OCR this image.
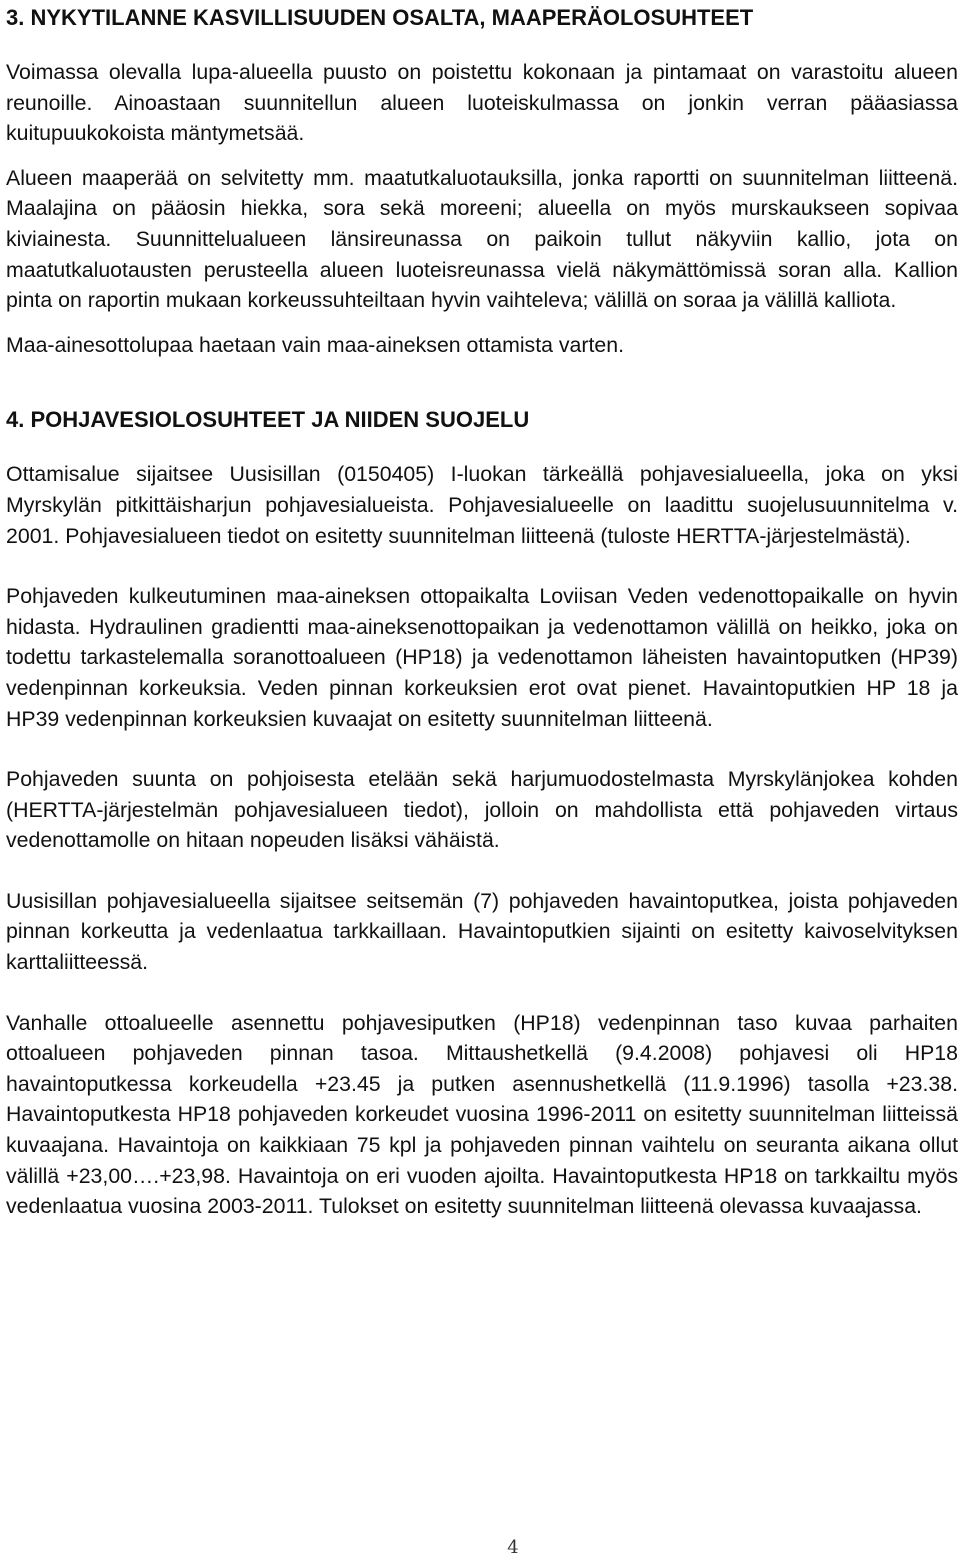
3. NYKYTILANNE KASVILLISUUDEN OSALTA, MAAPERÄOLOSUHTEET

Voimassa olevalla lupa-alueella puusto on poistettu kokonaan ja pintamaat on varastoitu alueen reunoille. Ainoastaan suunnitellun alueen luoteiskulmassa on jonkin verran pääasiassa kuitupuukokoista mäntymetsää.

Alueen maaperää on selvitetty mm. maatutkaluotauksilla, jonka raportti on suunnitelman liitteenä. Maalajina on pääosin hiekka, sora sekä moreeni; alueella on myös murskaukseen sopivaa kiviainesta. Suunnittelualueen länsireunassa on paikoin tullut näkyviin kallio, jota on maatutkaluotausten perusteella alueen luoteisreunassa vielä näkymättömissä soran alla. Kallion pinta on raportin mukaan korkeussuhteiltaan hyvin vaihteleva; välillä on soraa ja välillä kalliota.

Maa-ainesottolupaa haetaan vain maa-aineksen ottamista varten.

4. POHJAVESIOLOSUHTEET JA NIIDEN SUOJELU

Ottamisalue sijaitsee Uusisillan (0150405) I-luokan tärkeällä pohjavesialueella, joka on yksi Myrskylän pitkittäisharjun pohjavesialueista. Pohjavesialueelle on laadittu suojelusuunnitelma v. 2001. Pohjavesialueen tiedot on esitetty suunnitelman liitteenä (tuloste HERTTA-järjestelmästä).

Pohjaveden kulkeutuminen maa-aineksen ottopaikalta Loviisan Veden vedenottopaikalle on hyvin hidasta. Hydraulinen gradientti maa-aineksenottopaikan ja vedenottamon välillä on heikko, joka on todettu tarkastelemalla soranottoalueen (HP18) ja vedenottamon läheisten havaintoputken (HP39) vedenpinnan korkeuksia. Veden pinnan korkeuksien erot ovat pienet. Havaintoputkien HP 18 ja HP39 vedenpinnan korkeuksien kuvaajat on esitetty suunnitelman liitteenä.

Pohjaveden suunta on pohjoisesta etelään sekä harjumuodostelmasta Myrskylänjokea kohden (HERTTA-järjestelmän pohjavesialueen tiedot), jolloin on mahdollista että pohjaveden virtaus vedenottamolle on hitaan nopeuden lisäksi vähäistä.

Uusisillan pohjavesialueella sijaitsee seitsemän (7) pohjaveden havaintoputkea, joista pohjaveden pinnan korkeutta ja vedenlaatua tarkkaillaan. Havaintoputkien sijainti on esitetty kaivoselvityksen karttaliitteessä.

Vanhalle ottoalueelle asennettu pohjavesiputken (HP18) vedenpinnan taso kuvaa parhaiten ottoalueen pohjaveden pinnan tasoa. Mittaushetkellä (9.4.2008) pohjavesi oli HP18 havaintoputkessa korkeudella +23.45 ja putken asennushetkellä (11.9.1996) tasolla +23.38. Havaintoputkesta HP18 pohjaveden korkeudet vuosina 1996-2011 on esitetty suunnitelman liitteissä kuvaajana. Havaintoja on kaikkiaan 75 kpl ja pohjaveden pinnan vaihtelu on seuranta aikana ollut välillä +23,00….+23,98. Havaintoja on eri vuoden ajoilta. Havaintoputkesta HP18 on tarkkailtu myös vedenlaatua vuosina 2003-2011. Tulokset on esitetty suunnitelman liitteenä olevassa kuvaajassa.

4
